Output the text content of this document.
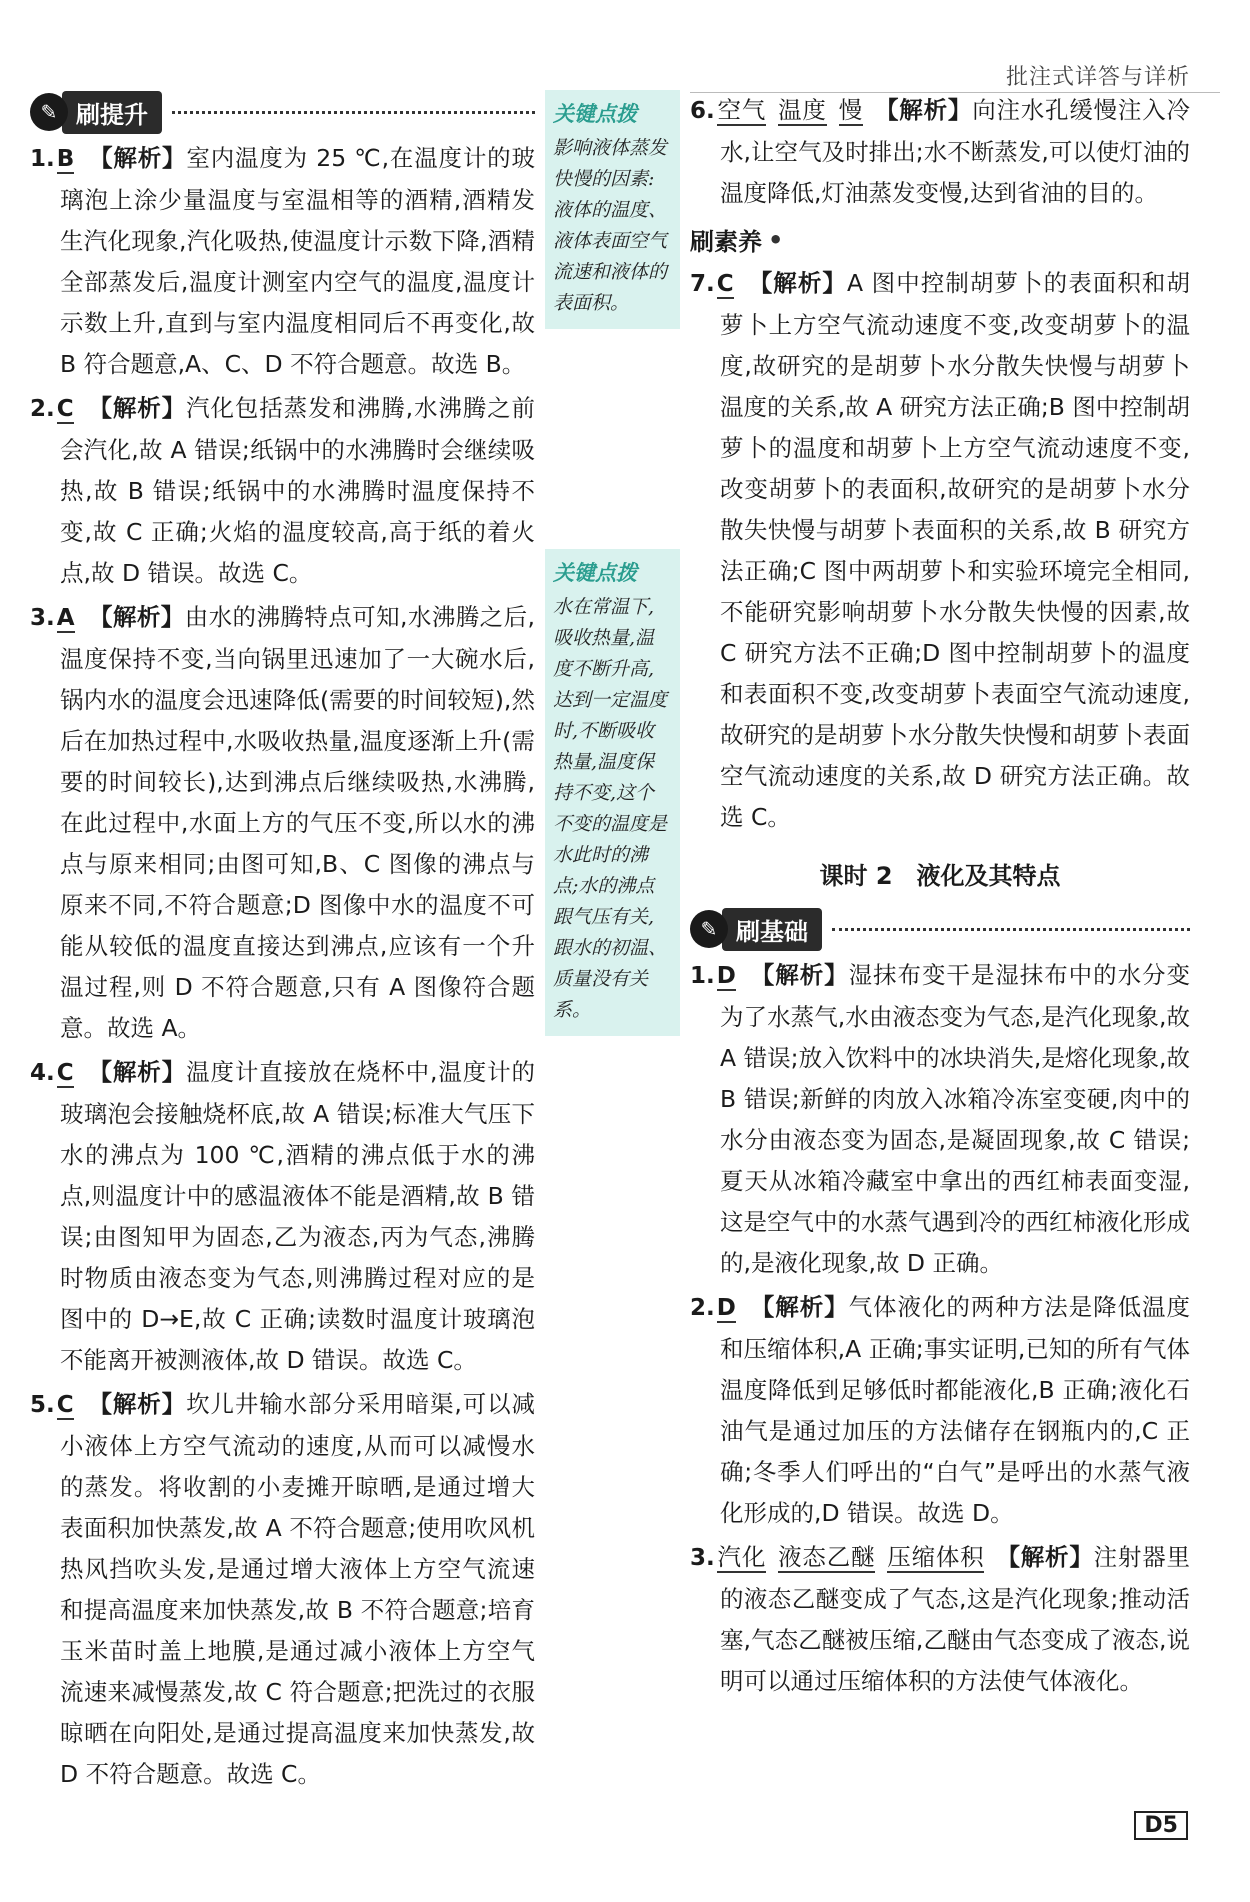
批注式详答与详析
✎ 刷提升
1.B 【解析】室内温度为 25 ℃,在温度计的玻璃泡上涂少量温度与室温相等的酒精,酒精发生汽化现象,汽化吸热,使温度计示数下降,酒精全部蒸发后,温度计测室内空气的温度,温度计示数上升,直到与室内温度相同后不再变化,故 B 符合题意,A、C、D 不符合题意。故选 B。
2.C 【解析】汽化包括蒸发和沸腾,水沸腾之前会汽化,故 A 错误;纸锅中的水沸腾时会继续吸热,故 B 错误;纸锅中的水沸腾时温度保持不变,故 C 正确;火焰的温度较高,高于纸的着火点,故 D 错误。故选 C。
3.A 【解析】由水的沸腾特点可知,水沸腾之后,温度保持不变,当向锅里迅速加了一大碗水后,锅内水的温度会迅速降低(需要的时间较短),然后在加热过程中,水吸收热量,温度逐渐上升(需要的时间较长),达到沸点后继续吸热,水沸腾,在此过程中,水面上方的气压不变,所以水的沸点与原来相同;由图可知,B、C 图像的沸点与原来不同,不符合题意;D 图像中水的温度不可能从较低的温度直接达到沸点,应该有一个升温过程,则 D 不符合题意,只有 A 图像符合题意。故选 A。
4.C 【解析】温度计直接放在烧杯中,温度计的玻璃泡会接触烧杯底,故 A 错误;标准大气压下水的沸点为 100 ℃,酒精的沸点低于水的沸点,则温度计中的感温液体不能是酒精,故 B 错误;由图知甲为固态,乙为液态,丙为气态,沸腾时物质由液态变为气态,则沸腾过程对应的是图中的 D→E,故 C 正确;读数时温度计玻璃泡不能离开被测液体,故 D 错误。故选 C。
5.C 【解析】坎儿井输水部分采用暗渠,可以减小液体上方空气流动的速度,从而可以减慢水的蒸发。将收割的小麦摊开晾晒,是通过增大表面积加快蒸发,故 A 不符合题意;使用吹风机热风挡吹头发,是通过增大液体上方空气流速和提高温度来加快蒸发,故 B 不符合题意;培育玉米苗时盖上地膜,是通过减小液体上方空气流速来减慢蒸发,故 C 符合题意;把洗过的衣服晾晒在向阳处,是通过提高温度来加快蒸发,故 D 不符合题意。故选 C。
关键点拨
影响液体蒸发快慢的因素:液体的温度、液体表面空气流速和液体的表面积。
关键点拨
水在常温下,吸收热量,温度不断升高,达到一定温度时,不断吸收热量,温度保持不变,这个不变的温度是水此时的沸点;水的沸点跟气压有关,跟水的初温、质量没有关系。
6.空气 温度 慢 【解析】向注水孔缓慢注入冷水,让空气及时排出;水不断蒸发,可以使灯油的温度降低,灯油蒸发变慢,达到省油的目的。
刷素养 •
7.C 【解析】A 图中控制胡萝卜的表面积和胡萝卜上方空气流动速度不变,改变胡萝卜的温度,故研究的是胡萝卜水分散失快慢与胡萝卜温度的关系,故 A 研究方法正确;B 图中控制胡萝卜的温度和胡萝卜上方空气流动速度不变,改变胡萝卜的表面积,故研究的是胡萝卜水分散失快慢与胡萝卜表面积的关系,故 B 研究方法正确;C 图中两胡萝卜和实验环境完全相同,不能研究影响胡萝卜水分散失快慢的因素,故 C 研究方法不正确;D 图中控制胡萝卜的温度和表面积不变,改变胡萝卜表面空气流动速度,故研究的是胡萝卜水分散失快慢和胡萝卜表面空气流动速度的关系,故 D 研究方法正确。故选 C。
课时 2　液化及其特点
✎ 刷基础
1.D 【解析】湿抹布变干是湿抹布中的水分变为了水蒸气,水由液态变为气态,是汽化现象,故 A 错误;放入饮料中的冰块消失,是熔化现象,故 B 错误;新鲜的肉放入冰箱冷冻室变硬,肉中的水分由液态变为固态,是凝固现象,故 C 错误;夏天从冰箱冷藏室中拿出的西红柿表面变湿,这是空气中的水蒸气遇到冷的西红柿液化形成的,是液化现象,故 D 正确。
2.D 【解析】气体液化的两种方法是降低温度和压缩体积,A 正确;事实证明,已知的所有气体温度降低到足够低时都能液化,B 正确;液化石油气是通过加压的方法储存在钢瓶内的,C 正确;冬季人们呼出的“白气”是呼出的水蒸气液化形成的,D 错误。故选 D。
3.汽化 液态乙醚 压缩体积 【解析】注射器里的液态乙醚变成了气态,这是汽化现象;推动活塞,气态乙醚被压缩,乙醚由气态变成了液态,说明可以通过压缩体积的方法使气体液化。
D5
